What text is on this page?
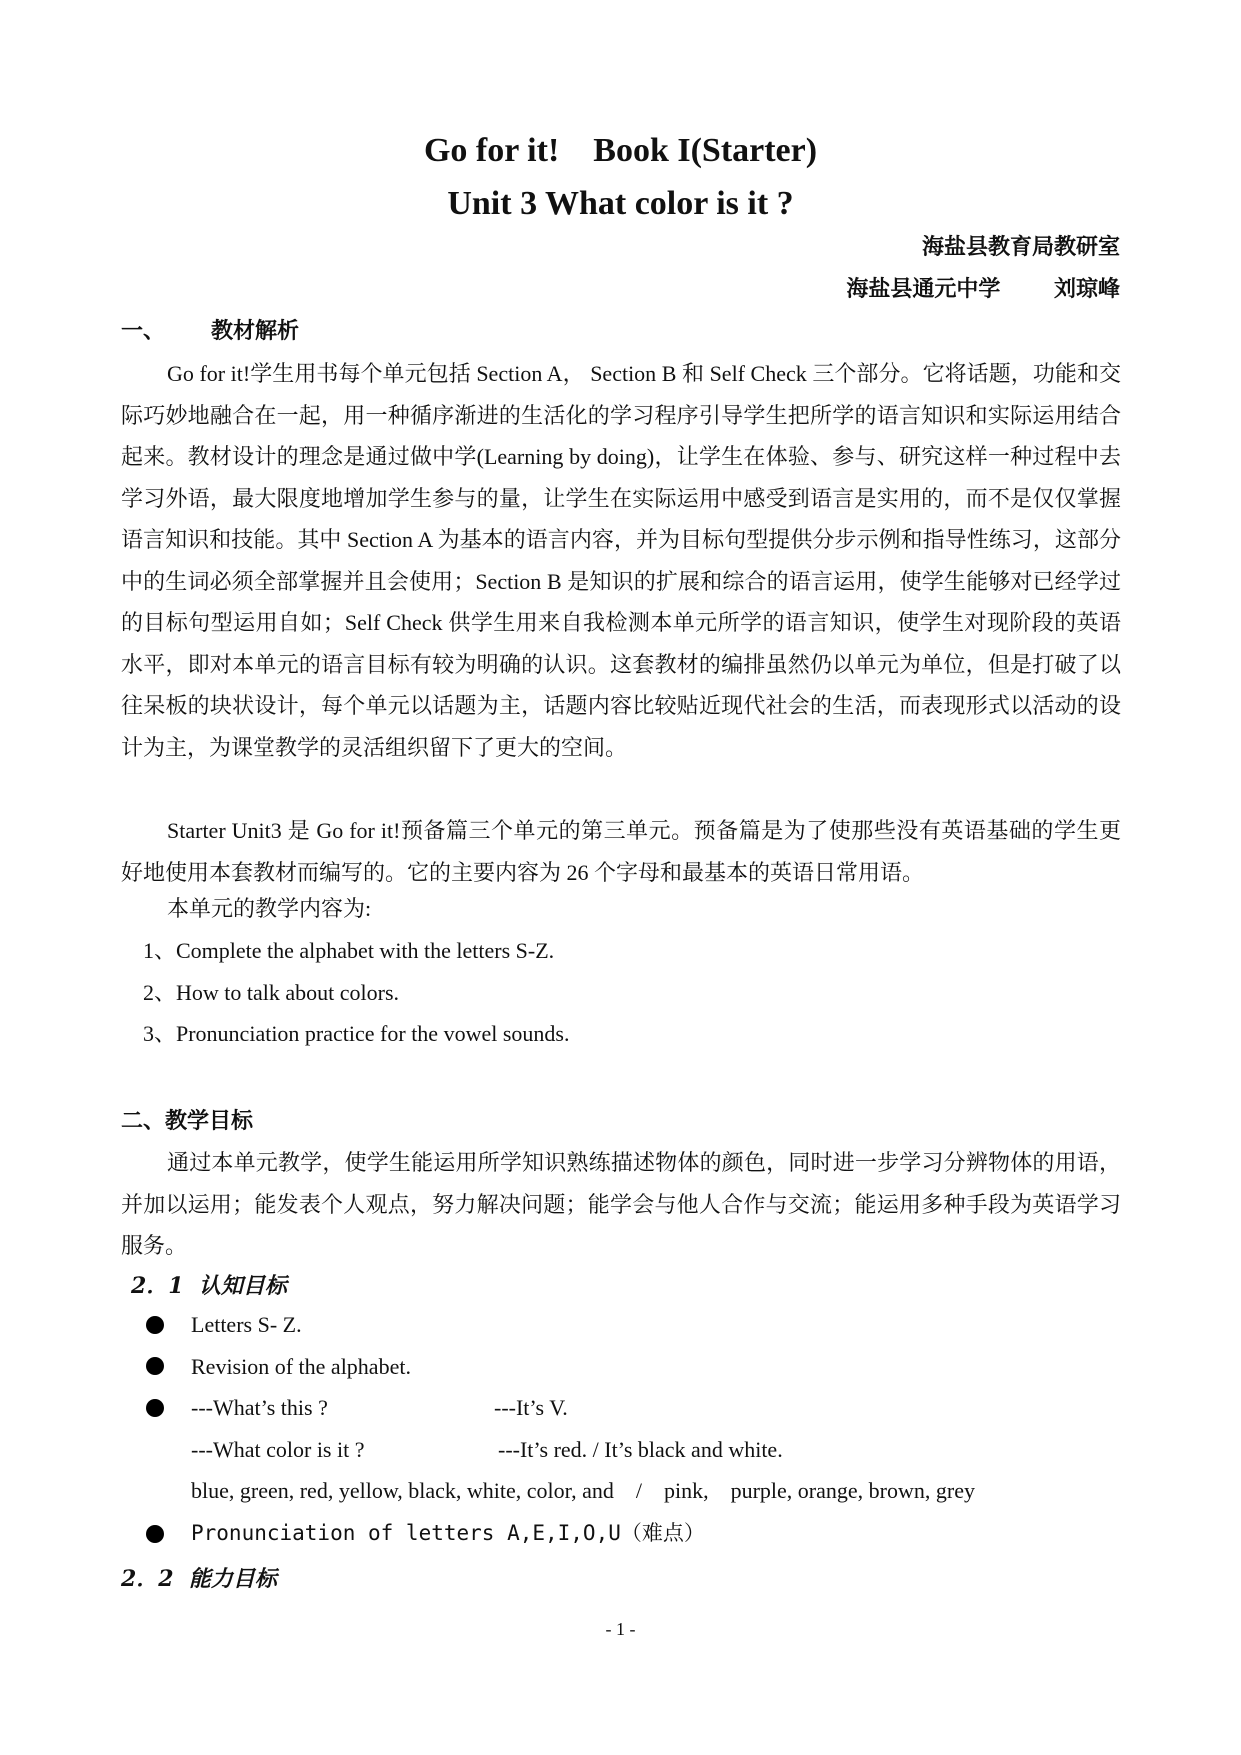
Go for it!    Book I(Starter)
Unit 3 What color is it ?
海盐县教育局教研室
海盐县通元中学       刘琼峰
一、      教材解析
Go for it!学生用书每个单元包括 Section A， Section B 和 Self Check 三个部分。它将话题，功能和交际巧妙地融合在一起，用一种循序渐进的生活化的学习程序引导学生把所学的语言知识和实际运用结合起来。教材设计的理念是通过做中学(Learning by doing)，让学生在体验、参与、研究这样一种过程中去学习外语，最大限度地增加学生参与的量，让学生在实际运用中感受到语言是实用的，而不是仅仅掌握语言知识和技能。其中 Section A 为基本的语言内容，并为目标句型提供分步示例和指导性练习，这部分中的生词必须全部掌握并且会使用；Section B 是知识的扩展和综合的语言运用，使学生能够对已经学过的目标句型运用自如；Self Check 供学生用来自我检测本单元所学的语言知识，使学生对现阶段的英语水平，即对本单元的语言目标有较为明确的认识。这套教材的编排虽然仍以单元为单位，但是打破了以往呆板的块状设计，每个单元以话题为主，话题内容比较贴近现代社会的生活，而表现形式以活动的设计为主，为课堂教学的灵活组织留下了更大的空间。
Starter Unit3 是 Go for it!预备篇三个单元的第三单元。预备篇是为了使那些没有英语基础的学生更好地使用本套教材而编写的。它的主要内容为 26 个字母和最基本的英语日常用语。
本单元的教学内容为:
1、Complete the alphabet with the letters S-Z.
2、How to talk about colors.
3、Pronunciation practice for the vowel sounds.
二、教学目标
通过本单元教学，使学生能运用所学知识熟练描述物体的颜色，同时进一步学习分辨物体的用语，并加以运用；能发表个人观点，努力解决问题；能学会与他人合作与交流；能运用多种手段为英语学习服务。
2．1  认知目标
Letters S- Z.
Revision of the alphabet.
---What’s this ?	---It’s V.
---What color is it ?	---It’s red. / It’s black and white.
blue, green, red, yellow, black, white, color, and    /    pink,    purple, orange, brown, grey
Pronunciation of letters A,E,I,O,U（难点）
2．2  能力目标
- 1 -
